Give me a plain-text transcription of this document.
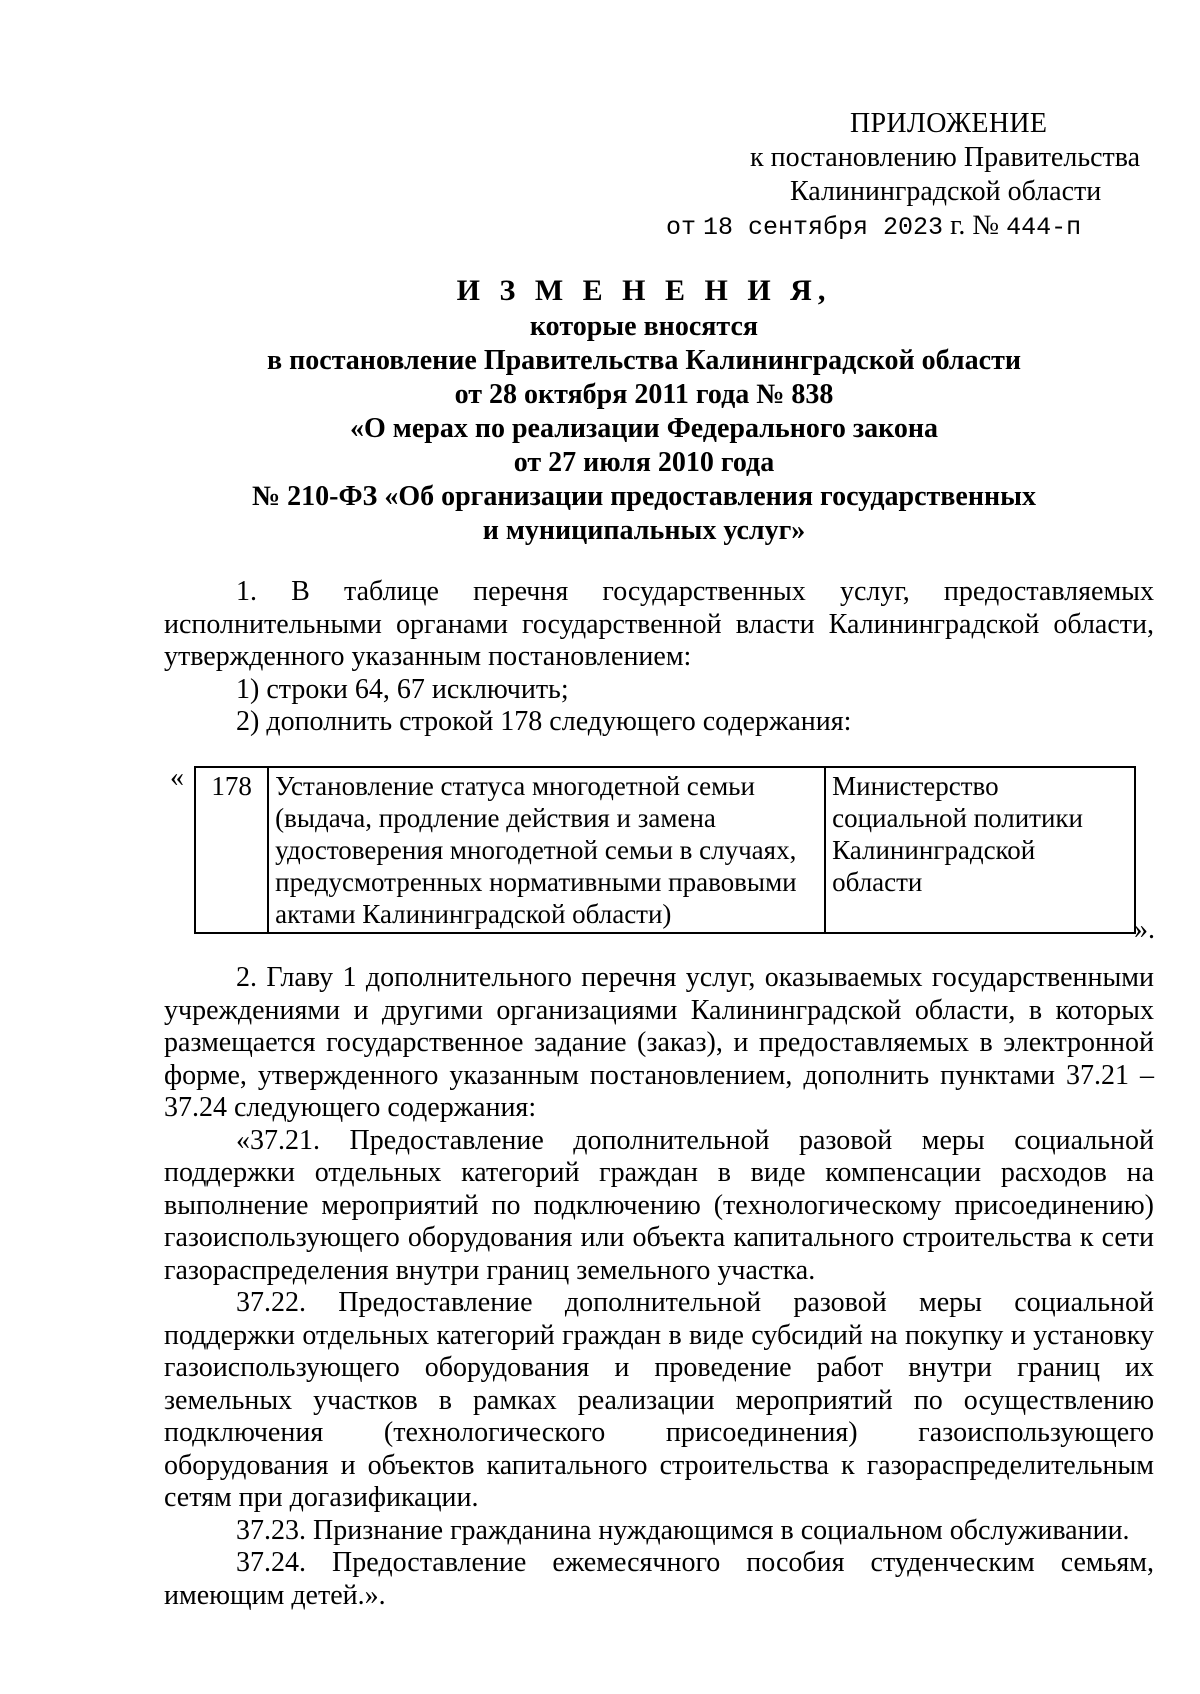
ПРИЛОЖЕНИЕ
к постановлению Правительства
Калининградской области
от 18 сентября 2023 г. № 444-п
И З М Е Н Е Н И Я,
которые вносятся
в постановление Правительства Калининградской области
от 28 октября 2011 года № 838
«О мерах по реализации Федерального закона
от 27 июля 2010 года
№ 210-ФЗ «Об организации предоставления государственных
и муниципальных услуг»

1. В таблице перечня государственных услуг, предоставляемых исполнительными органами государственной власти Калининградской области, утвержденного указанным постановлением:

1) строки 64, 67 исключить;

2) дополнить строкой 178 следующего содержания:

« 178	Установление статуса многодетной семьи (выдача, продление действия и замена удостоверения многодетной семьи в случаях, предусмотренных нормативными правовыми актами Калининградской области)	Министерство социальной политики Калининградской области
».

2. Главу 1 дополнительного перечня услуг, оказываемых государственными учреждениями и другими организациями Калининградской области, в которых размещается государственное задание (заказ), и предоставляемых в электронной форме, утвержденного указанным постановлением, дополнить пунктами 37.21 – 37.24 следующего содержания:

«37.21. Предоставление дополнительной разовой меры социальной поддержки отдельных категорий граждан в виде компенсации расходов на выполнение мероприятий по подключению (технологическому присоединению) газоиспользующего оборудования или объекта капитального строительства к сети газораспределения внутри границ земельного участка.

37.22. Предоставление дополнительной разовой меры социальной поддержки отдельных категорий граждан в виде субсидий на покупку и установку газоиспользующего оборудования и проведение работ внутри границ их земельных участков в рамках реализации мероприятий по осуществлению подключения (технологического присоединения) газоиспользующего оборудования и объектов капитального строительства к газораспределительным сетям при догазификации.

37.23. Признание гражданина нуждающимся в социальном обслуживании.

37.24. Предоставление ежемесячного пособия студенческим семьям, имеющим детей.».
